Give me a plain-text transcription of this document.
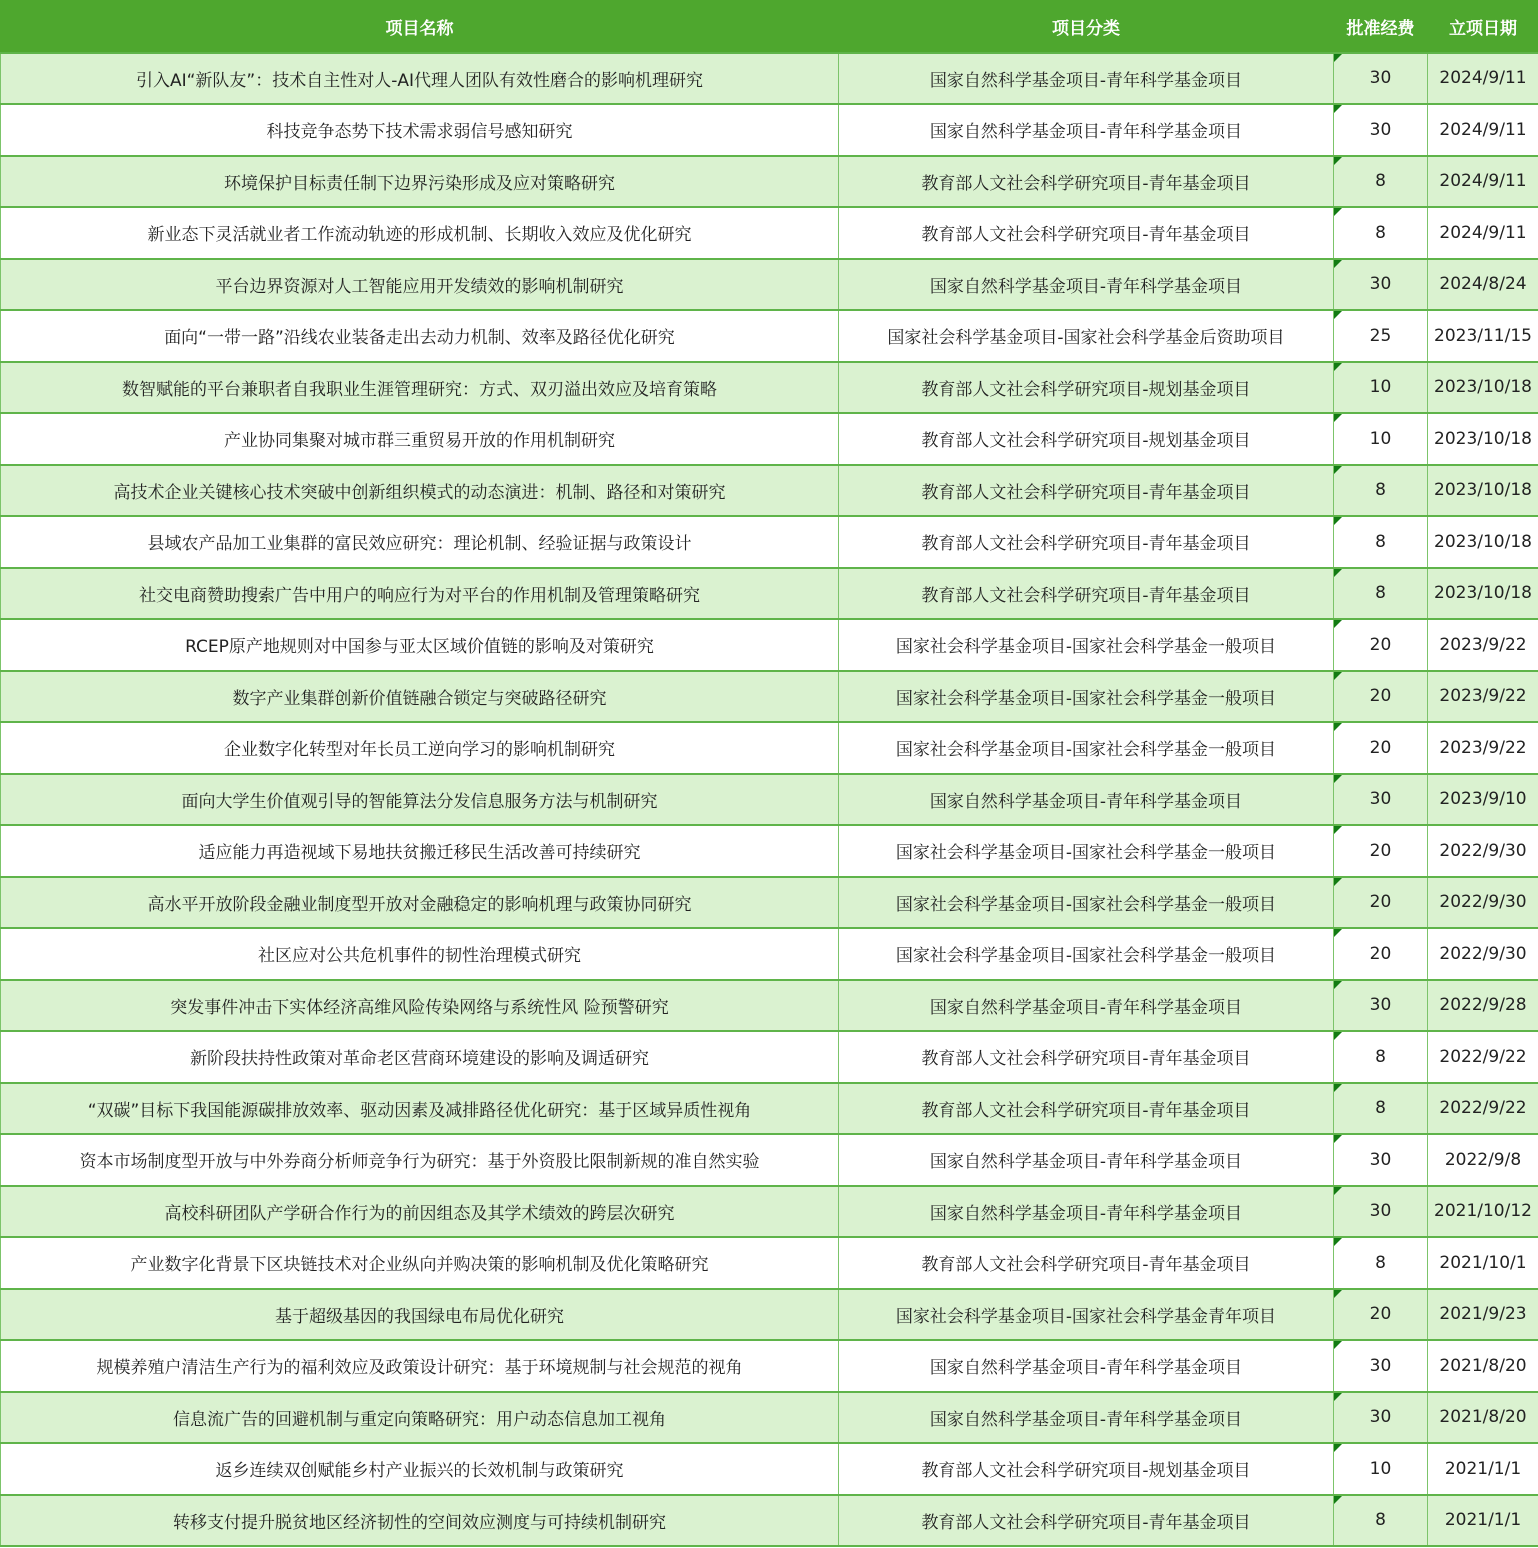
项目名称	项目分类	批准经费	立项日期
引入AI“新队友”：技术自主性对人-AI代理人团队有效性磨合的影响机理研究	国家自然科学基金项目-青年科学基金项目	30	2024/9/11
科技竞争态势下技术需求弱信号感知研究	国家自然科学基金项目-青年科学基金项目	30	2024/9/11
环境保护目标责任制下边界污染形成及应对策略研究	教育部人文社会科学研究项目-青年基金项目	8	2024/9/11
新业态下灵活就业者工作流动轨迹的形成机制、长期收入效应及优化研究	教育部人文社会科学研究项目-青年基金项目	8	2024/9/11
平台边界资源对人工智能应用开发绩效的影响机制研究	国家自然科学基金项目-青年科学基金项目	30	2024/8/24
面向“一带一路”沿线农业装备走出去动力机制、效率及路径优化研究	国家社会科学基金项目-国家社会科学基金后资助项目	25	2023/11/15
数智赋能的平台兼职者自我职业生涯管理研究：方式、双刃溢出效应及培育策略	教育部人文社会科学研究项目-规划基金项目	10	2023/10/18
产业协同集聚对城市群三重贸易开放的作用机制研究	教育部人文社会科学研究项目-规划基金项目	10	2023/10/18
高技术企业关键核心技术突破中创新组织模式的动态演进：机制、路径和对策研究	教育部人文社会科学研究项目-青年基金项目	8	2023/10/18
县域农产品加工业集群的富民效应研究：理论机制、经验证据与政策设计	教育部人文社会科学研究项目-青年基金项目	8	2023/10/18
社交电商赞助搜索广告中用户的响应行为对平台的作用机制及管理策略研究	教育部人文社会科学研究项目-青年基金项目	8	2023/10/18
RCEP原产地规则对中国参与亚太区域价值链的影响及对策研究	国家社会科学基金项目-国家社会科学基金一般项目	20	2023/9/22
数字产业集群创新价值链融合锁定与突破路径研究	国家社会科学基金项目-国家社会科学基金一般项目	20	2023/9/22
企业数字化转型对年长员工逆向学习的影响机制研究	国家社会科学基金项目-国家社会科学基金一般项目	20	2023/9/22
面向大学生价值观引导的智能算法分发信息服务方法与机制研究	国家自然科学基金项目-青年科学基金项目	30	2023/9/10
适应能力再造视域下易地扶贫搬迁移民生活改善可持续研究	国家社会科学基金项目-国家社会科学基金一般项目	20	2022/9/30
高水平开放阶段金融业制度型开放对金融稳定的影响机理与政策协同研究	国家社会科学基金项目-国家社会科学基金一般项目	20	2022/9/30
社区应对公共危机事件的韧性治理模式研究	国家社会科学基金项目-国家社会科学基金一般项目	20	2022/9/30
突发事件冲击下实体经济高维风险传染网络与系统性风 险预警研究	国家自然科学基金项目-青年科学基金项目	30	2022/9/28
新阶段扶持性政策对革命老区营商环境建设的影响及调适研究	教育部人文社会科学研究项目-青年基金项目	8	2022/9/22
“双碳”目标下我国能源碳排放效率、驱动因素及减排路径优化研究：基于区域异质性视角	教育部人文社会科学研究项目-青年基金项目	8	2022/9/22
资本市场制度型开放与中外券商分析师竞争行为研究：基于外资股比限制新规的准自然实验	国家自然科学基金项目-青年科学基金项目	30	2022/9/8
高校科研团队产学研合作行为的前因组态及其学术绩效的跨层次研究	国家自然科学基金项目-青年科学基金项目	30	2021/10/12
产业数字化背景下区块链技术对企业纵向并购决策的影响机制及优化策略研究	教育部人文社会科学研究项目-青年基金项目	8	2021/10/1
基于超级基因的我国绿电布局优化研究	国家社会科学基金项目-国家社会科学基金青年项目	20	2021/9/23
规模养殖户清洁生产行为的福利效应及政策设计研究：基于环境规制与社会规范的视角	国家自然科学基金项目-青年科学基金项目	30	2021/8/20
信息流广告的回避机制与重定向策略研究：用户动态信息加工视角	国家自然科学基金项目-青年科学基金项目	30	2021/8/20
返乡连续双创赋能乡村产业振兴的长效机制与政策研究	教育部人文社会科学研究项目-规划基金项目	10	2021/1/1
转移支付提升脱贫地区经济韧性的空间效应测度与可持续机制研究	教育部人文社会科学研究项目-青年基金项目	8	2021/1/1
